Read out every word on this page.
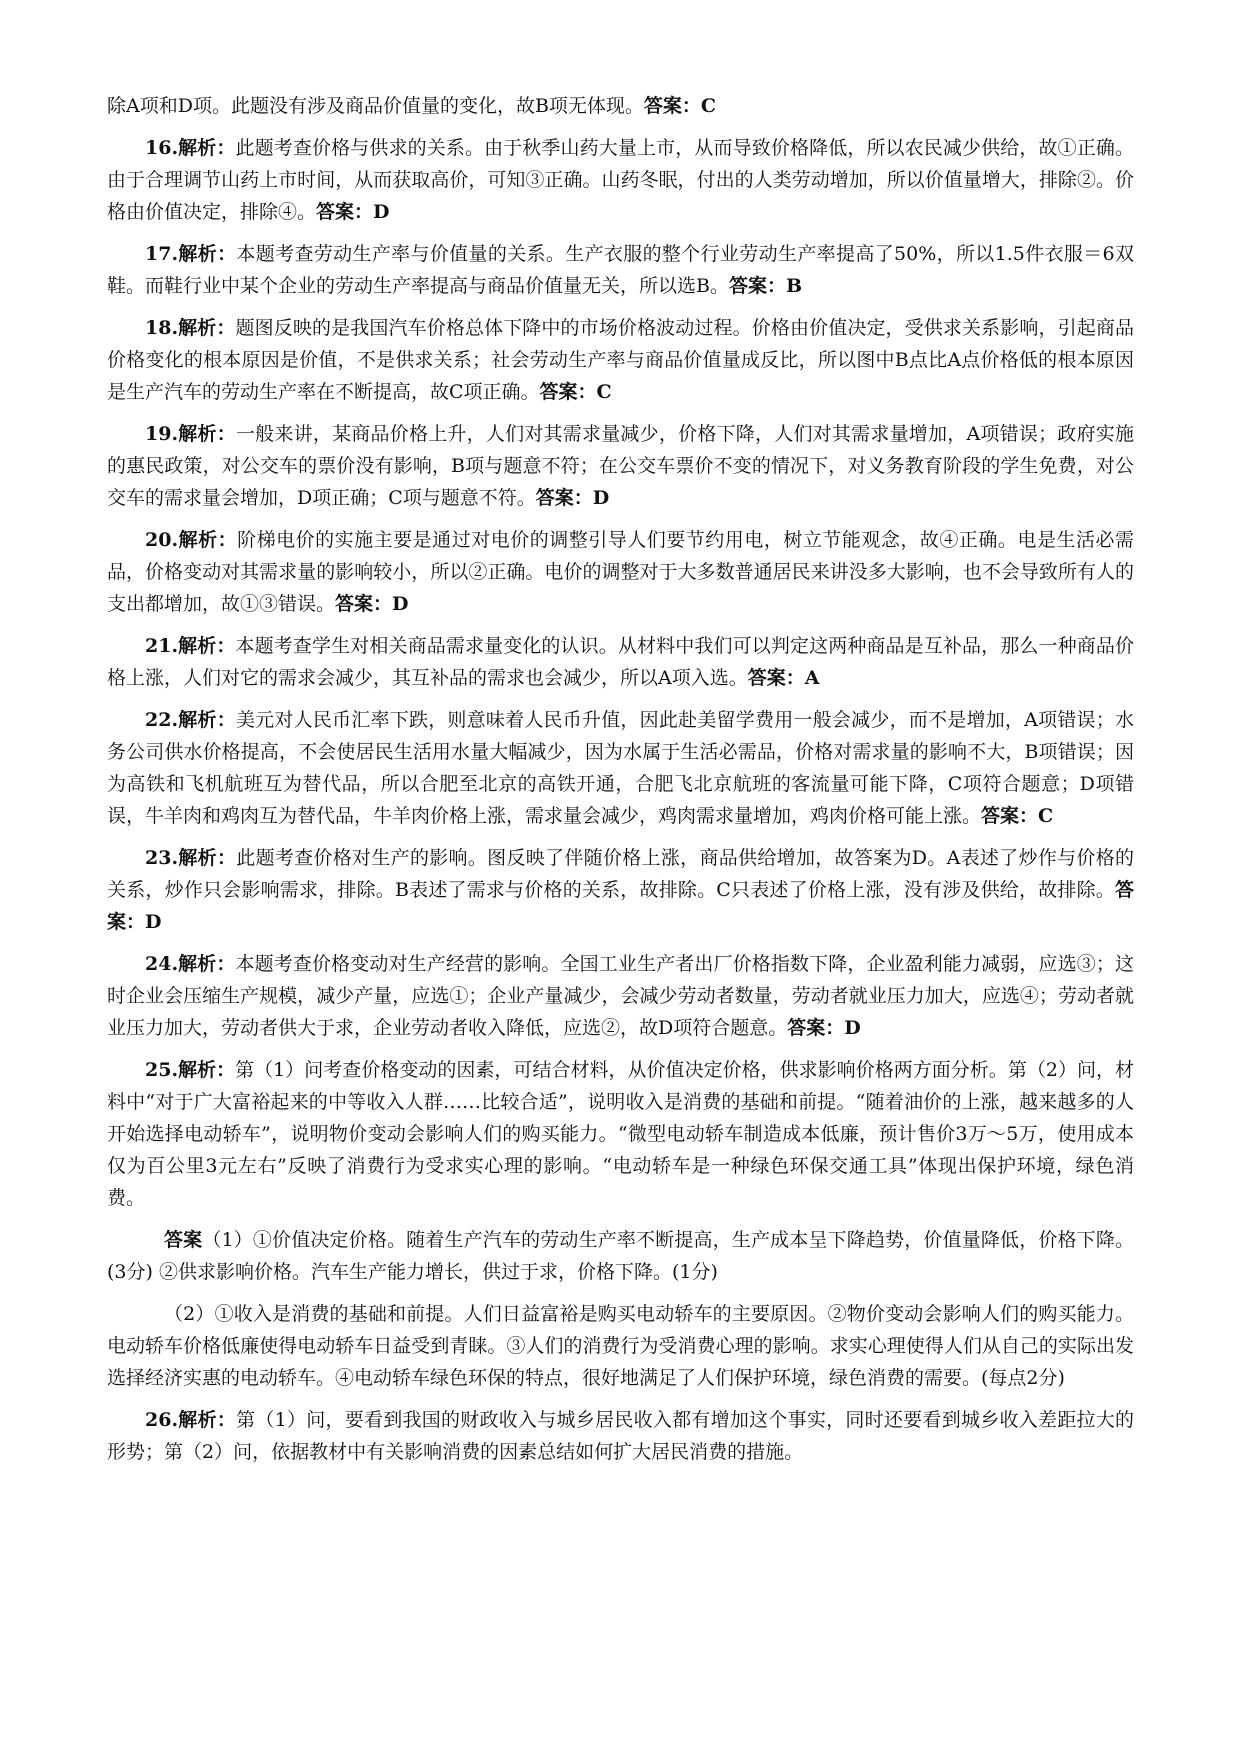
除A项和D项。此题没有涉及商品价值量的变化，故B项无体现。答案：C

16.解析：此题考查价格与供求的关系。由于秋季山药大量上市，从而导致价格降低，所以农民减少供给，故①正确。由于合理调节山药上市时间，从而获取高价，可知③正确。山药冬眠，付出的人类劳动增加，所以价值量增大，排除②。价格由价值决定，排除④。答案：D

17.解析：本题考查劳动生产率与价值量的关系。生产衣服的整个行业劳动生产率提高了50%，所以1.5件衣服＝6双鞋。而鞋行业中某个企业的劳动生产率提高与商品价值量无关，所以选B。答案：B

18.解析：题图反映的是我国汽车价格总体下降中的市场价格波动过程。价格由价值决定，受供求关系影响，引起商品价格变化的根本原因是价值，不是供求关系；社会劳动生产率与商品价值量成反比，所以图中B点比A点价格低的根本原因是生产汽车的劳动生产率在不断提高，故C项正确。答案：C

19.解析：一般来讲，某商品价格上升，人们对其需求量减少，价格下降，人们对其需求量增加，A项错误；政府实施的惠民政策，对公交车的票价没有影响，B项与题意不符；在公交车票价不变的情况下，对义务教育阶段的学生免费，对公交车的需求量会增加，D项正确；C项与题意不符。答案：D

20.解析：阶梯电价的实施主要是通过对电价的调整引导人们要节约用电，树立节能观念，故④正确。电是生活必需品，价格变动对其需求量的影响较小，所以②正确。电价的调整对于大多数普通居民来讲没多大影响，也不会导致所有人的支出都增加，故①③错误。答案：D

21.解析：本题考查学生对相关商品需求量变化的认识。从材料中我们可以判定这两种商品是互补品，那么一种商品价格上涨，人们对它的需求会减少，其互补品的需求也会减少，所以A项入选。答案：A

22.解析：美元对人民币汇率下跌，则意味着人民币升值，因此赴美留学费用一般会减少，而不是增加，A项错误；水务公司供水价格提高，不会使居民生活用水量大幅减少，因为水属于生活必需品，价格对需求量的影响不大，B项错误；因为高铁和飞机航班互为替代品，所以合肥至北京的高铁开通，合肥飞北京航班的客流量可能下降，C项符合题意；D项错误，牛羊肉和鸡肉互为替代品，牛羊肉价格上涨，需求量会减少，鸡肉需求量增加，鸡肉价格可能上涨。答案：C

23.解析：此题考查价格对生产的影响。图反映了伴随价格上涨，商品供给增加，故答案为D。A表述了炒作与价格的关系，炒作只会影响需求，排除。B表述了需求与价格的关系，故排除。C只表述了价格上涨，没有涉及供给，故排除。答案：D

24.解析：本题考查价格变动对生产经营的影响。全国工业生产者出厂价格指数下降，企业盈利能力减弱，应选③；这时企业会压缩生产规模，减少产量，应选①；企业产量减少，会减少劳动者数量，劳动者就业压力加大，应选④；劳动者就业压力加大，劳动者供大于求，企业劳动者收入降低，应选②，故D项符合题意。答案：D

25.解析：第（1）问考查价格变动的因素，可结合材料，从价值决定价格，供求影响价格两方面分析。第（2）问，材料中“对于广大富裕起来的中等收入人群……比较合适”，说明收入是消费的基础和前提。“随着油价的上涨，越来越多的人开始选择电动轿车”，说明物价变动会影响人们的购买能力。“微型电动轿车制造成本低廉，预计售价3万～5万，使用成本仅为百公里3元左右”反映了消费行为受求实心理的影响。“电动轿车是一种绿色环保交通工具”体现出保护环境，绿色消费。

答案（1）①价值决定价格。随着生产汽车的劳动生产率不断提高，生产成本呈下降趋势，价值量降低，价格下降。(3分) ②供求影响价格。汽车生产能力增长，供过于求，价格下降。(1分)

（2）①收入是消费的基础和前提。人们日益富裕是购买电动轿车的主要原因。②物价变动会影响人们的购买能力。电动轿车价格低廉使得电动轿车日益受到青睐。③人们的消费行为受消费心理的影响。求实心理使得人们从自己的实际出发选择经济实惠的电动轿车。④电动轿车绿色环保的特点，很好地满足了人们保护环境，绿色消费的需要。(每点2分)

26.解析：第（1）问，要看到我国的财政收入与城乡居民收入都有增加这个事实，同时还要看到城乡收入差距拉大的形势；第（2）问，依据教材中有关影响消费的因素总结如何扩大居民消费的措施。
